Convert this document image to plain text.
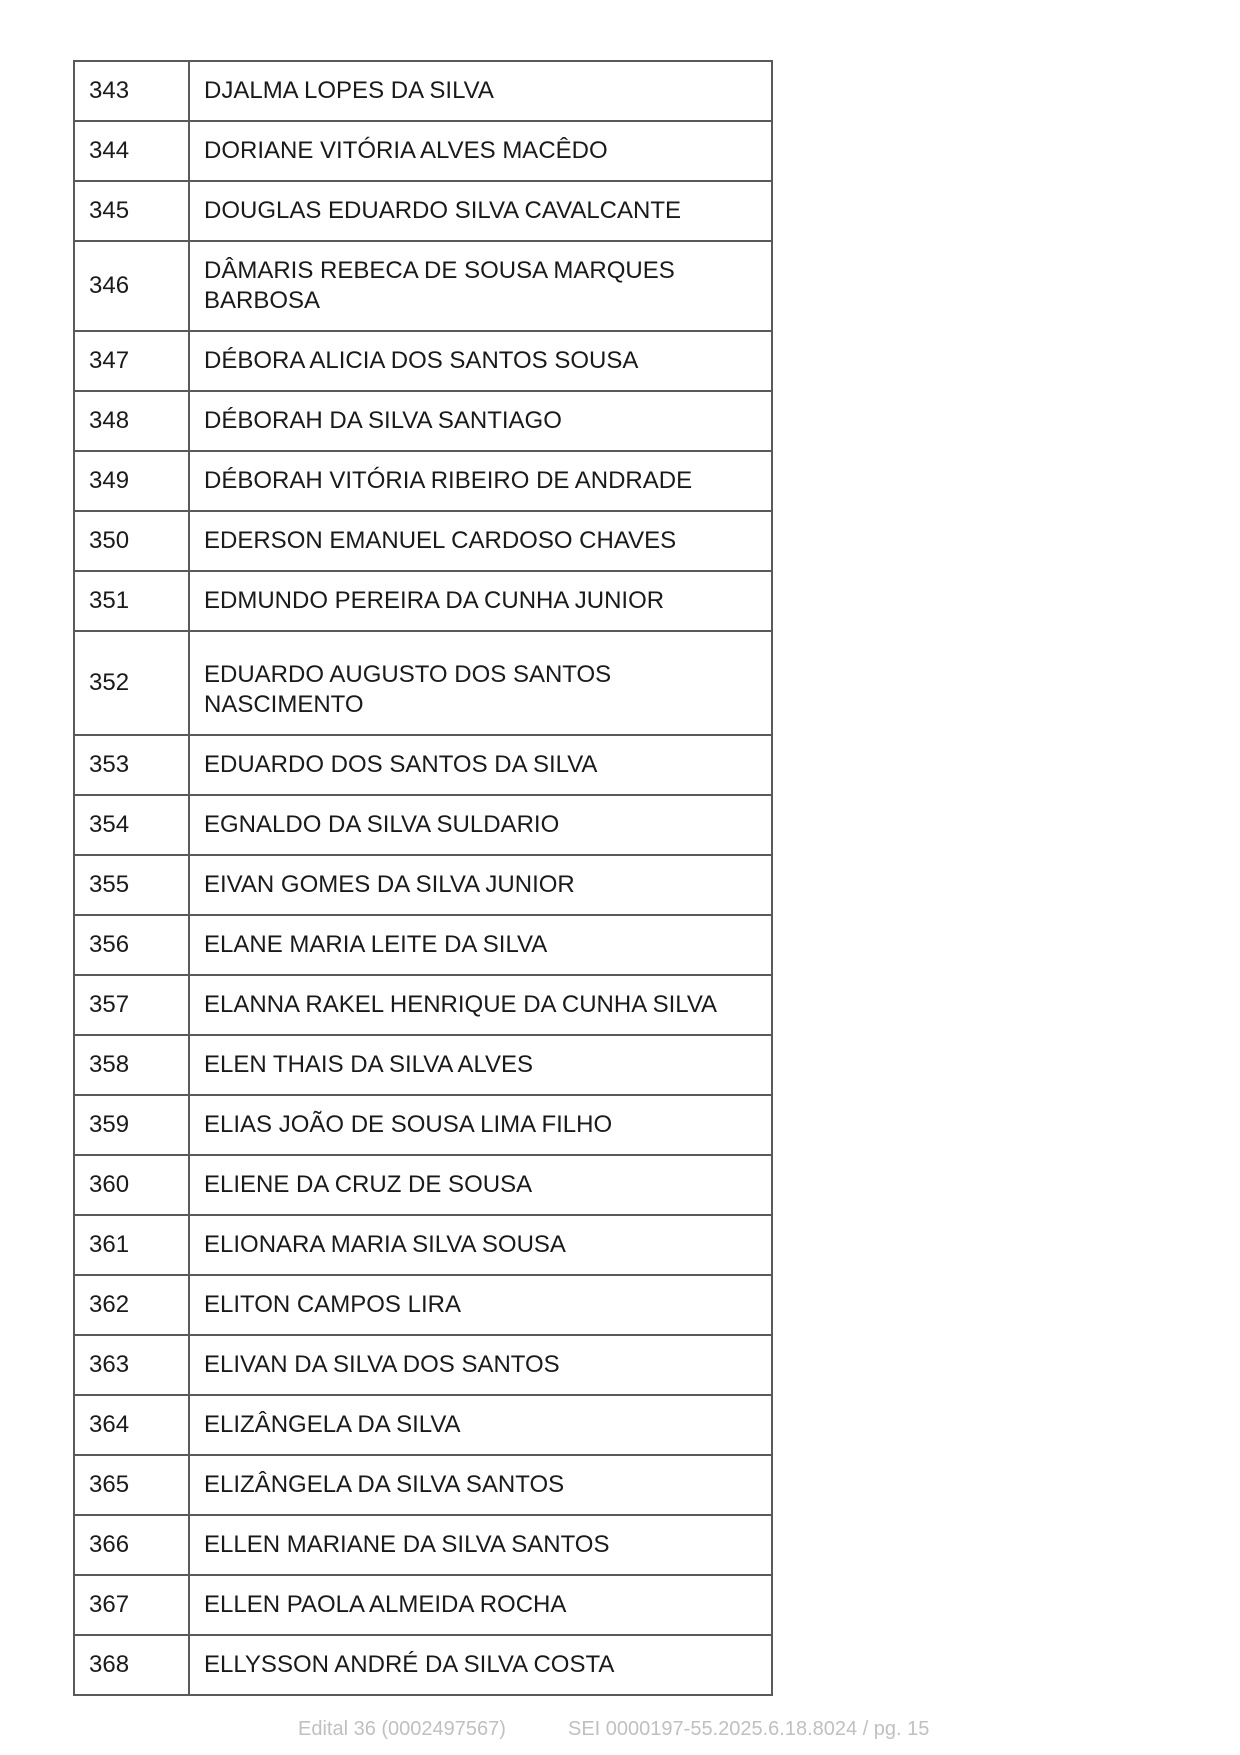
343	DJALMA LOPES DA SILVA
344	DORIANE VITÓRIA ALVES MACÊDO
345	DOUGLAS EDUARDO SILVA CAVALCANTE
346	DÂMARIS REBECA DE SOUSA MARQUES BARBOSA
347	DÉBORA ALICIA DOS SANTOS SOUSA
348	DÉBORAH DA SILVA SANTIAGO
349	DÉBORAH VITÓRIA RIBEIRO DE ANDRADE
350	EDERSON EMANUEL CARDOSO CHAVES
351	EDMUNDO PEREIRA DA CUNHA JUNIOR
352	EDUARDO AUGUSTO DOS SANTOS NASCIMENTO
353	EDUARDO DOS SANTOS DA SILVA
354	EGNALDO DA SILVA SULDARIO
355	EIVAN GOMES DA SILVA JUNIOR
356	ELANE MARIA LEITE DA SILVA
357	ELANNA RAKEL HENRIQUE DA CUNHA SILVA
358	ELEN THAIS DA SILVA ALVES
359	ELIAS JOÃO DE SOUSA LIMA FILHO
360	ELIENE DA CRUZ DE SOUSA
361	ELIONARA MARIA SILVA SOUSA
362	ELITON CAMPOS LIRA
363	ELIVAN DA SILVA DOS SANTOS
364	ELIZÂNGELA DA SILVA
365	ELIZÂNGELA DA SILVA SANTOS
366	ELLEN MARIANE DA SILVA SANTOS
367	ELLEN PAOLA ALMEIDA ROCHA
368	ELLYSSON ANDRÉ DA SILVA COSTA
Edital 36 (0002497567)	SEI 0000197-55.2025.6.18.8024 / pg. 15
